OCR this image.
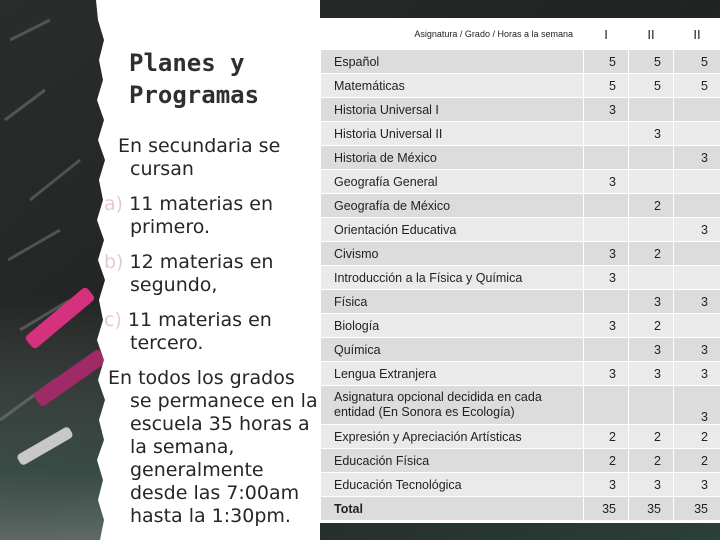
Planes y
Programas

En secundaria se cursan

a) 11 materias en primero.

b) 12 materias en segundo,

c) 11 materias en tercero.

En todos los grados se permanece en la escuela 35 horas a la semana, generalmente desde las 7:00am hasta la 1:30pm.

Asignatura / Grado / Horas a la semana	I	II	II
Español	5	5	5
Matemáticas	5	5	5
Historia Universal I	3		
Historia Universal II		3	
Historia de México			3
Geografía General	3		
Geografía de México		2	
Orientación Educativa			3
Civismo	3	2	
Introducción a la Física y Química	3		
Física		3	3
Biología	3	2	
Química		3	3
Lengua Extranjera	3	3	3
Asignatura opcional decidida en cada entidad (En Sonora es Ecología)			3
Expresión y Apreciación Artísticas	2	2	2
Educación Física	2	2	2
Educación Tecnológica	3	3	3
Total	35	35	35
